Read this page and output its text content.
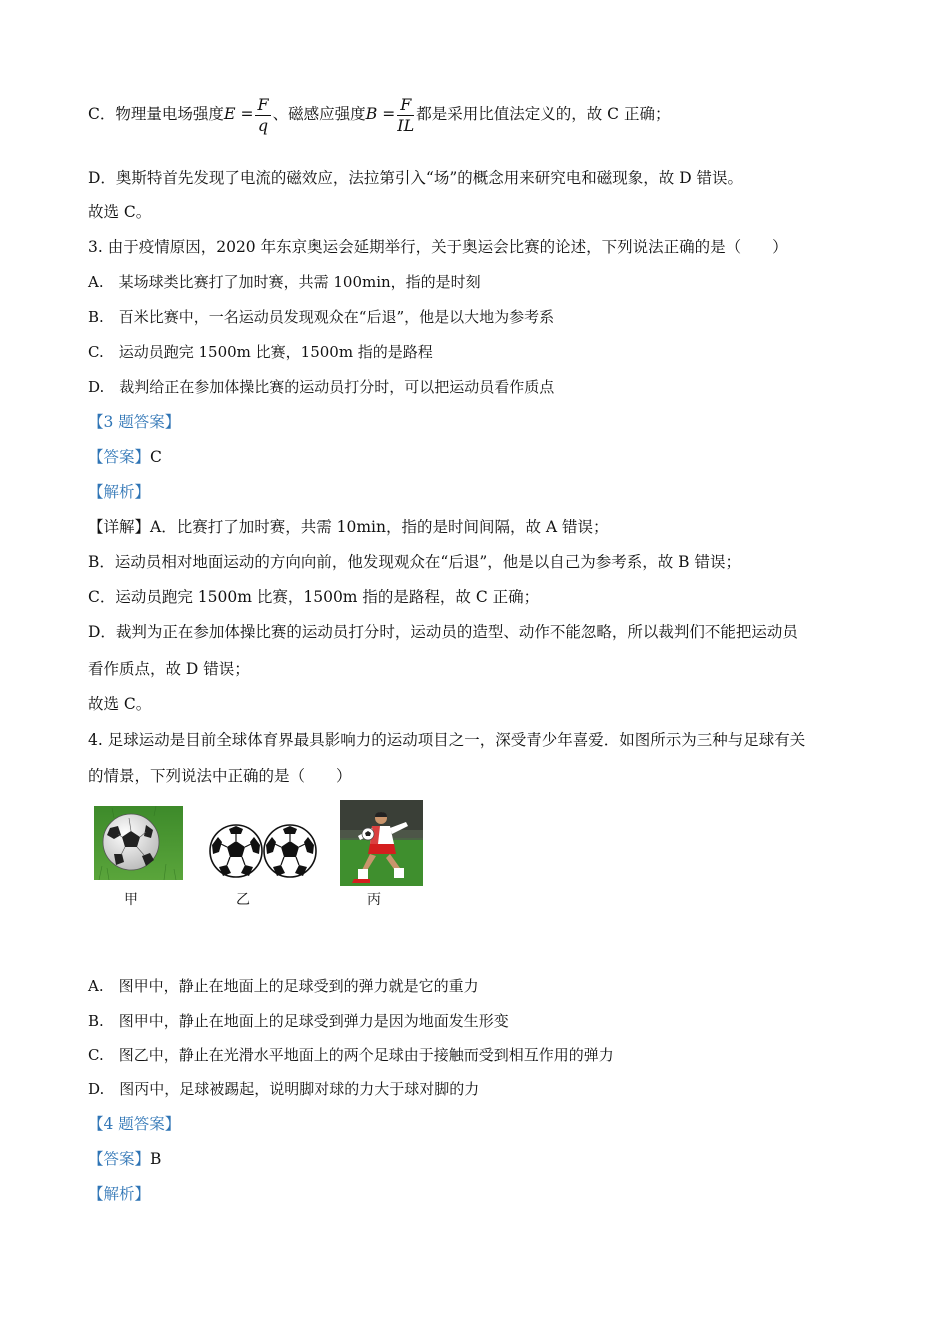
C．物理量电场强度$E = \frac{F}{q}$ 、磁感应强度$B = \frac{F}{IL}$ 都是采用比值法定义的，故 C 正确；
D．奥斯特首先发现了电流的磁效应，法拉第引入“场”的概念用来研究电和磁现象，故 D 错误。
故选 C。
3. 由于疫情原因，2020 年东京奥运会延期举行，关于奥运会比赛的论述，下列说法正确的是（　　）
A.　某场球类比赛打了加时赛，共需 100min，指的是时刻
B.　百米比赛中，一名运动员发现观众在“后退”，他是以大地为参考系
C.　运动员跑完 1500m 比赛，1500m 指的是路程
D.　裁判给正在参加体操比赛的运动员打分时，可以把运动员看作质点
【3 题答案】
【答案】C
【解析】
【详解】A．比赛打了加时赛，共需 10min，指的是时间间隔，故 A 错误；
B．运动员相对地面运动的方向向前，他发现观众在“后退”，他是以自己为参考系，故 B 错误；
C．运动员跑完 1500m 比赛，1500m 指的是路程，故 C 正确；
D．裁判为正在参加体操比赛的运动员打分时，运动员的造型、动作不能忽略，所以裁判们不能把运动员
看作质点，故 D 错误；
故选 C。
4. 足球运动是目前全球体育界最具影响力的运动项目之一，深受青少年喜爱．如图所示为三种与足球有关
的情景，下列说法中正确的是（　　）
甲	乙	丙
A.　图甲中，静止在地面上的足球受到的弹力就是它的重力
B.　图甲中，静止在地面上的足球受到弹力是因为地面发生形变
C.　图乙中，静止在光滑水平地面上的两个足球由于接触而受到相互作用的弹力
D.　图丙中，足球被踢起，说明脚对球的力大于球对脚的力
【4 题答案】
【答案】B
【解析】
